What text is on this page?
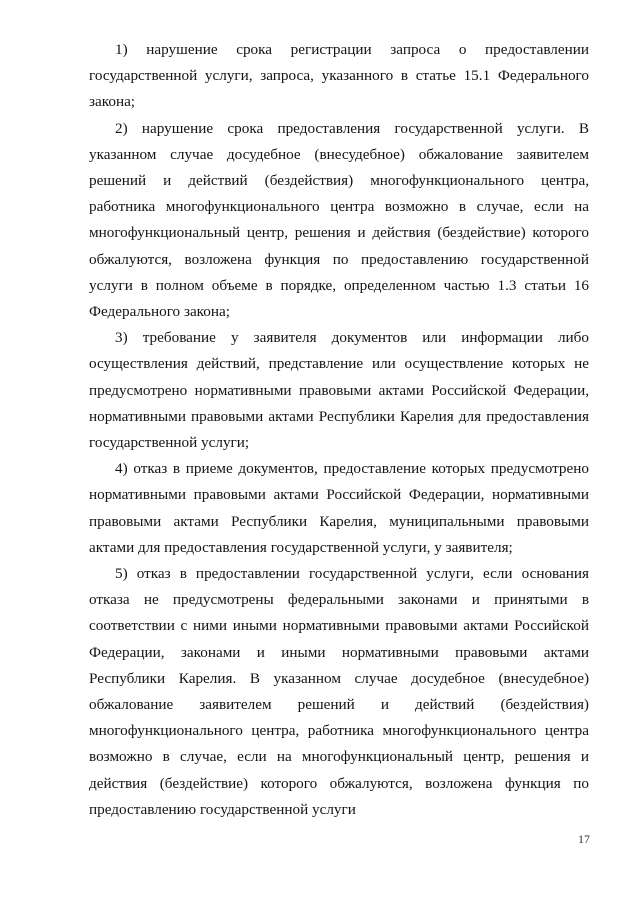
1) нарушение срока регистрации запроса о предоставлении государственной услуги, запроса, указанного в статье 15.1 Федерального закона;

2) нарушение срока предоставления государственной услуги. В указанном случае досудебное (внесудебное) обжалование заявителем решений и действий (бездействия) многофункционального центра, работника многофункционального центра возможно в случае, если на многофункциональный центр, решения и действия (бездействие) которого обжалуются, возложена функция по предоставлению государственной услуги в полном объеме в порядке, определенном частью 1.3 статьи 16 Федерального закона;

3) требование у заявителя документов или информации либо осуществления действий, представление или осуществление которых не предусмотрено нормативными правовыми актами Российской Федерации, нормативными правовыми актами Республики Карелия для предоставления государственной услуги;

4) отказ в приеме документов, предоставление которых предусмотрено нормативными правовыми актами Российской Федерации, нормативными правовыми актами Республики Карелия, муниципальными правовыми актами для предоставления государственной услуги, у заявителя;

5) отказ в предоставлении государственной услуги, если основания отказа не предусмотрены федеральными законами и принятыми в соответствии с ними иными нормативными правовыми актами Российской Федерации, законами и иными нормативными правовыми актами Республики Карелия. В указанном случае досудебное (внесудебное) обжалование заявителем решений и действий (бездействия) многофункционального центра, работника многофункционального центра возможно в случае, если на многофункциональный центр, решения и действия (бездействие) которого обжалуются, возложена функция по предоставлению государственной услуги

17
